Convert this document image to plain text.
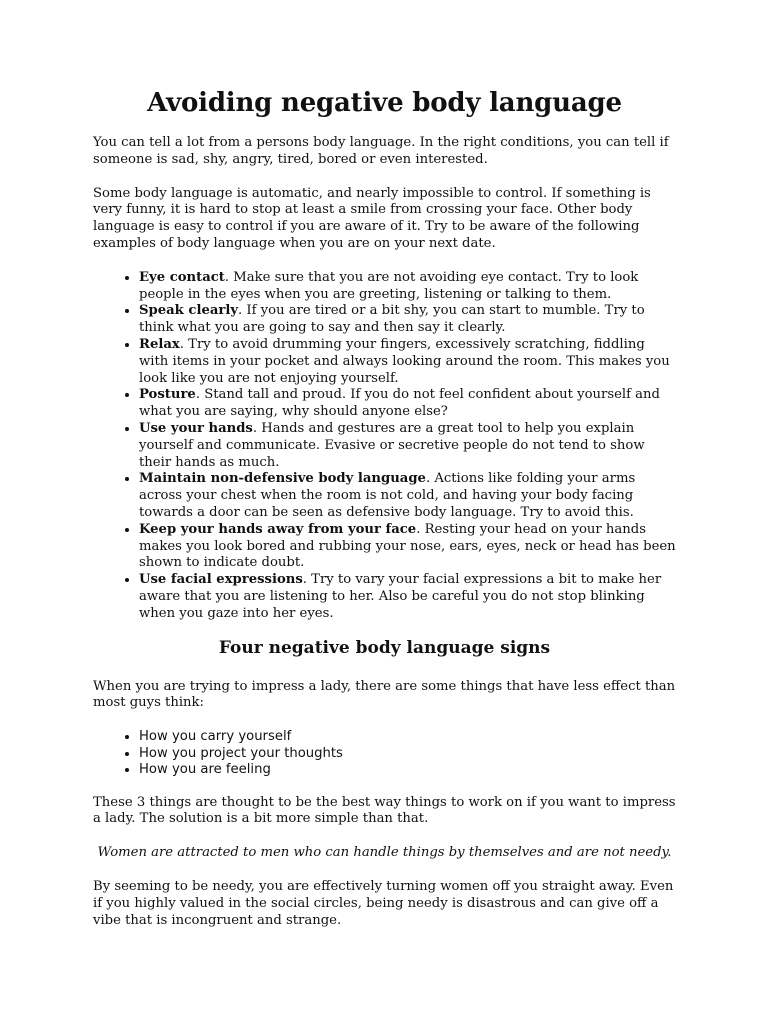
Avoiding negative body language

You can tell a lot from a persons body language. In the right conditions, you can tell if someone is sad, shy, angry, tired, bored or even interested.

Some body language is automatic, and nearly impossible to control. If something is very funny, it is hard to stop at least a smile from crossing your face. Other body language is easy to control if you are aware of it. Try to be aware of the following examples of body language when you are on your next date.

• Eye contact. Make sure that you are not avoiding eye contact. Try to look people in the eyes when you are greeting, listening or talking to them.
• Speak clearly. If you are tired or a bit shy, you can start to mumble. Try to think what you are going to say and then say it clearly.
• Relax. Try to avoid drumming your fingers, excessively scratching, fiddling with items in your pocket and always looking around the room. This makes you look like you are not enjoying yourself.
• Posture. Stand tall and proud. If you do not feel confident about yourself and what you are saying, why should anyone else?
• Use your hands. Hands and gestures are a great tool to help you explain yourself and communicate. Evasive or secretive people do not tend to show their hands as much.
• Maintain non-defensive body language. Actions like folding your arms across your chest when the room is not cold, and having your body facing towards a door can be seen as defensive body language. Try to avoid this.
• Keep your hands away from your face. Resting your head on your hands makes you look bored and rubbing your nose, ears, eyes, neck or head has been shown to indicate doubt.
• Use facial expressions. Try to vary your facial expressions a bit to make her aware that you are listening to her. Also be careful you do not stop blinking when you gaze into her eyes.
Four negative body language signs

When you are trying to impress a lady, there are some things that have less effect than most guys think:

• How you carry yourself
• How you project your thoughts
• How you are feeling

These 3 things are thought to be the best way things to work on if you want to impress a lady. The solution is a bit more simple than that.

Women are attracted to men who can handle things by themselves and are not needy.

By seeming to be needy, you are effectively turning women off you straight away. Even if you highly valued in the social circles, being needy is disastrous and can give off a vibe that is incongruent and strange.
